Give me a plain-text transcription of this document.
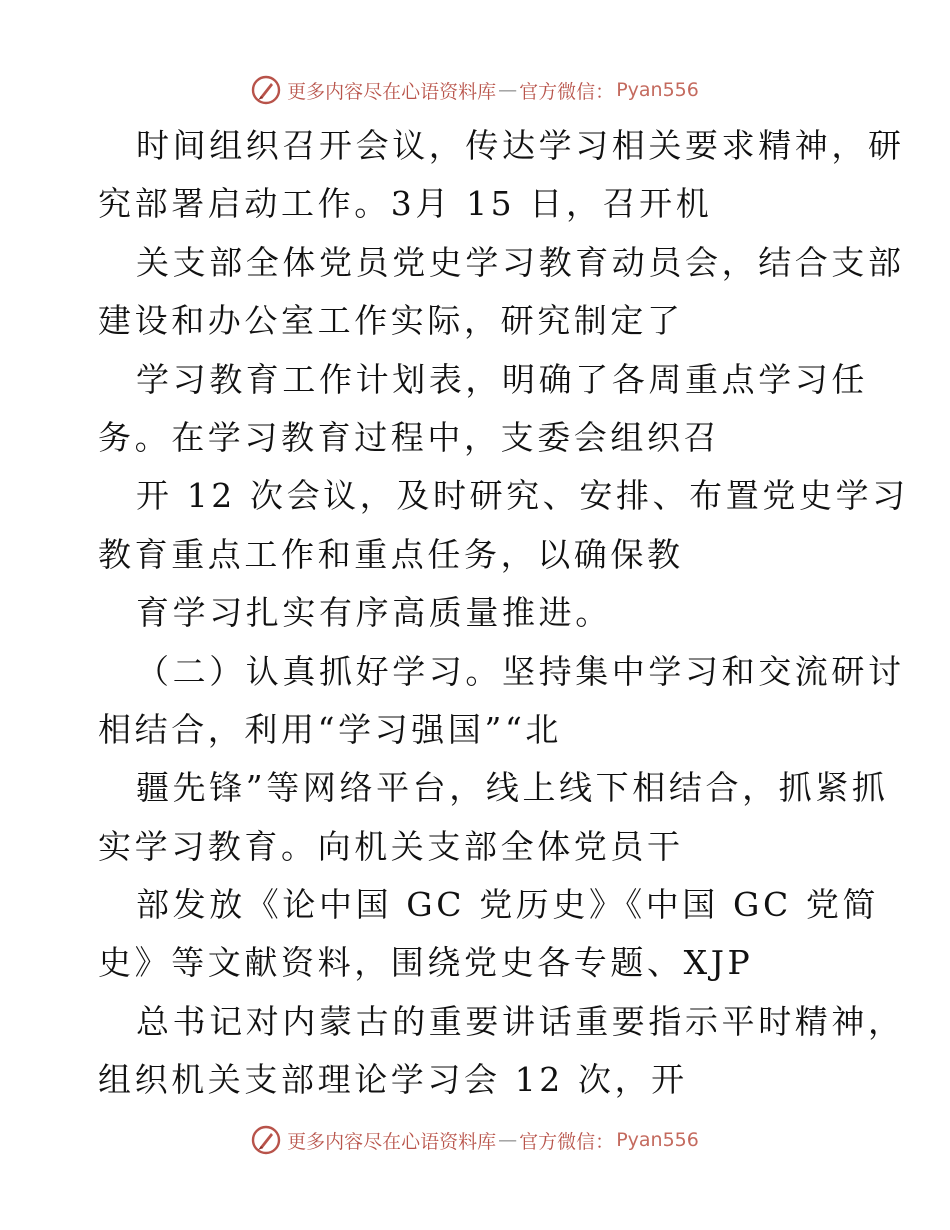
更多内容尽在心语资料库 — 官方微信： Pyan556
时间组织召开会议，传达学习相关要求精神，研
究部署启动工作。3月 15 日，召开机
关支部全体党员党史学习教育动员会，结合支部
建设和办公室工作实际，研究制定了
学习教育工作计划表，明确了各周重点学习任
务。在学习教育过程中，支委会组织召
开 12 次会议，及时研究、安排、布置党史学习
教育重点工作和重点任务，以确保教
育学习扎实有序高质量推进。
（二）认真抓好学习。坚持集中学习和交流研讨
相结合，利用“学习强国”“北
疆先锋”等网络平台，线上线下相结合，抓紧抓
实学习教育。向机关支部全体党员干
部发放《论中国 GC 党历史》《中国 GC 党简
史》等文献资料，围绕党史各专题、XJP
总书记对内蒙古的重要讲话重要指示平时精神，
组织机关支部理论学习会 12 次，开
更多内容尽在心语资料库 — 官方微信： Pyan556
